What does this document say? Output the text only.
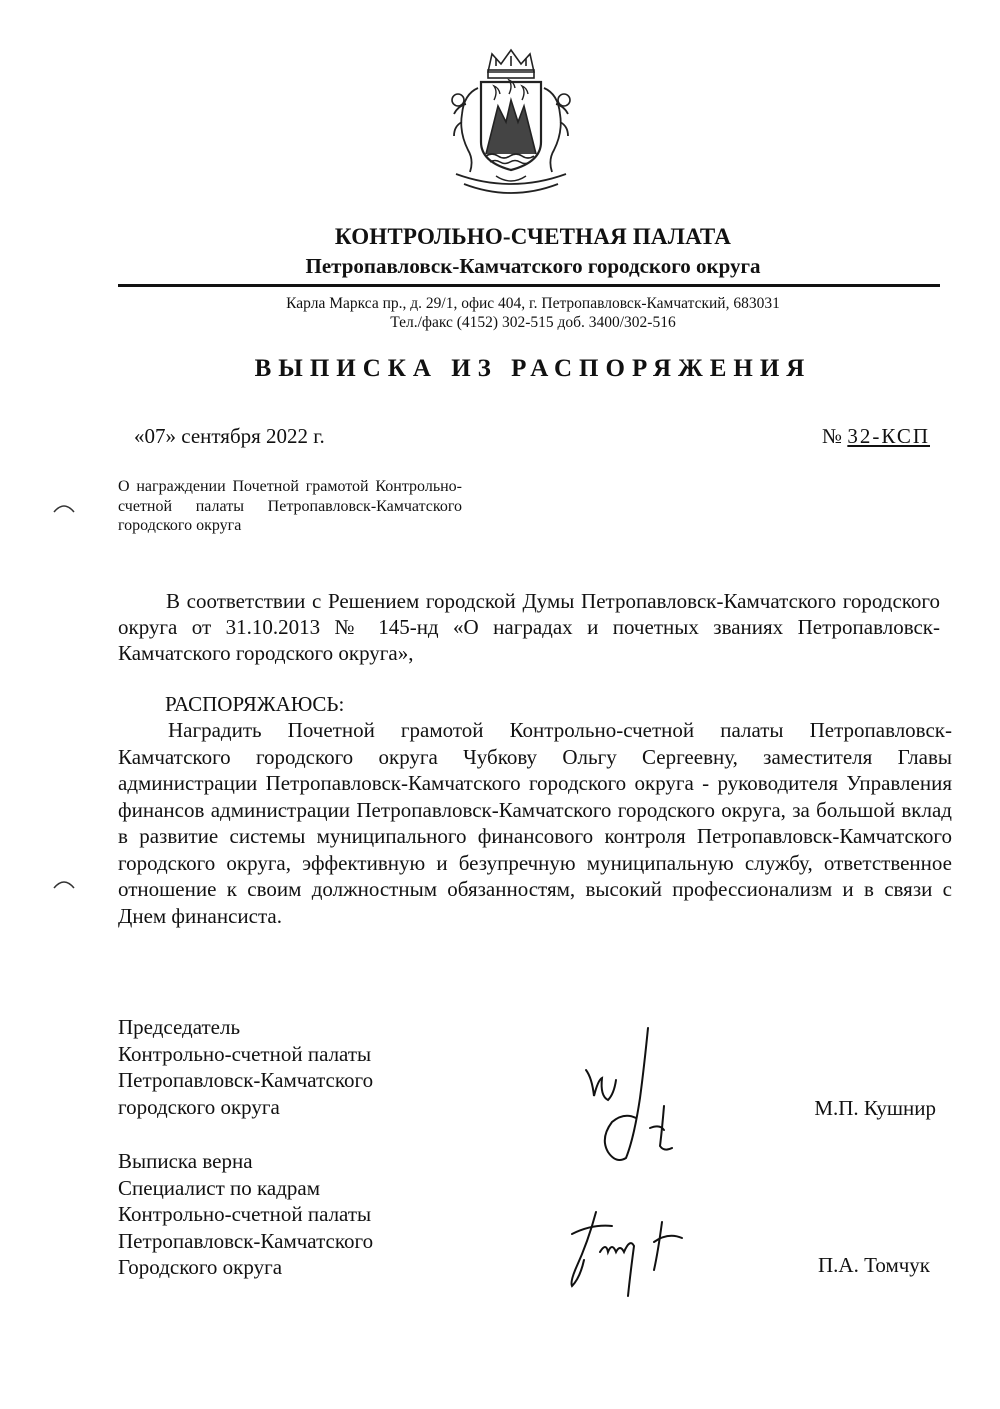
КОНТРОЛЬНО-СЧЕТНАЯ ПАЛАТА
Петропавловск-Камчатского городского округа
Карла Маркса пр., д. 29/1, офис 404, г. Петропавловск-Камчатский, 683031
Тел./факс (4152) 302-515 доб. 3400/302-516
ВЫПИСКА ИЗ РАСПОРЯЖЕНИЯ
«07» сентября 2022 г.	№ 32-КСП
О награждении Почетной грамотой Контрольно-счетной палаты Петропавловск-Камчатского городского округа
В соответствии с Решением городской Думы Петропавловск-Камчатского городского округа от 31.10.2013 № 145-нд «О наградах и почетных званиях Петропавловск-Камчатского городского округа»,
РАСПОРЯЖАЮСЬ:
Наградить Почетной грамотой Контрольно-счетной палаты Петропавловск-Камчатского городского округа Чубкову Ольгу Сергеевну, заместителя Главы администрации Петропавловск-Камчатского городского округа - руководителя Управления финансов администрации Петропавловск-Камчатского городского округа, за большой вклад в развитие системы муниципального финансового контроля Петропавловск-Камчатского городского округа, эффективную и безупречную муниципальную службу, ответственное отношение к своим должностным обязанностям, высокий профессионализм и в связи с Днем финансиста.
Председатель
Контрольно-счетной палаты
Петропавловск-Камчатского
городского округа	М.П. Кушнир
Выписка верна
Специалист по кадрам
Контрольно-счетной палаты
Петропавловск-Камчатского
Городского округа	П.А. Томчук
